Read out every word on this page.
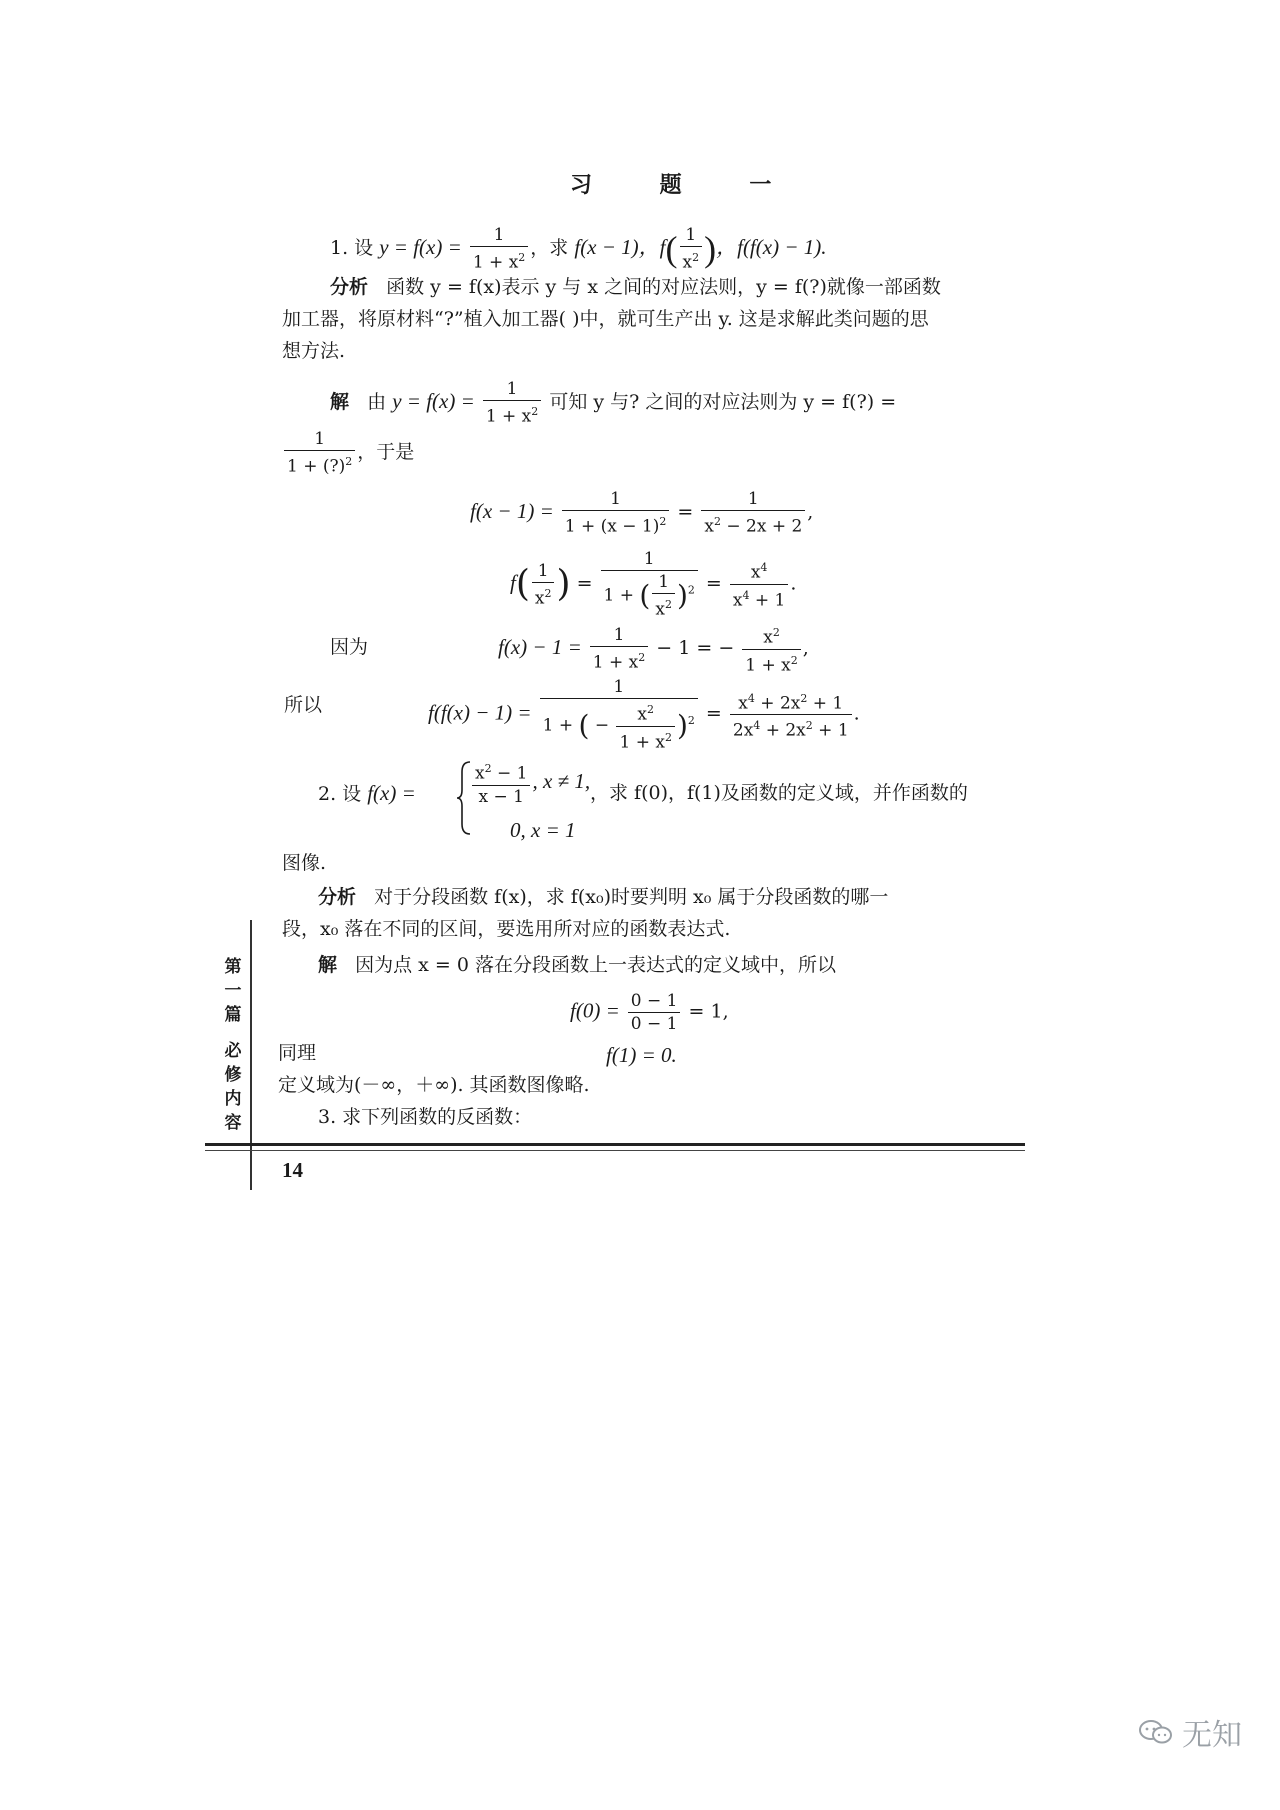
习 题 一
1. 设 $y = f(x) = \frac{1}{1 + x^2}$ ，求 f(x − 1)，$f( \frac{1}{x^2}$ )，f(f(x) − 1).
分析 函数 y = f(x)表示 y 与 x 之间的对应法则，y = f(?)就像一部函数
加工器，将原材料“?”植入加工器( )中，就可生产出 y. 这是求解此类问题的思
想方法.
解 由 $y = f(x) = \frac{1}{1 + x^2}$ 可知 y 与? 之间的对应法则为 y = f(?) =
$\frac{1}{1 + (?)^2}$ ，于是
$f(x - 1) = \frac{1}{1 + (x - 1)^2} = \frac{1}{x^2 - 2x + 2}$ ,
$f( \frac{1}{x^2}$ ) = $\frac{1}{1 + ( \frac{1}{x^2} )^2} = \frac{x^4}{x^4 + 1}$ .
因为	$f(x) - 1 = \frac{1}{1 + x^2} - 1$ = − $\frac{x^2}{1 + x^2}$ ,
所以	$f(f(x) - 1) = \frac{1}{1 + ( - \frac{x^2}{1 + x^2} )^2} = \frac{x^4 + 2x^2 + 1}{2x^4 + 2x^2 + 1}$ .
2. 设 f(x) =	$\frac{x^2 - 1}{x - 1}$ , x ≠ 1,
0, x = 1
，求 f(0)，f(1)及函数的定义域，并作函数的
图像.
分析 对于分段函数 f(x)，求 f(x₀)时要判明 x₀ 属于分段函数的哪一
段，x₀ 落在不同的区间，要选用所对应的函数表达式.
解 因为点 x = 0 落在分段函数上一表达式的定义域中，所以
$f(0) = \frac{0 - 1}{0 - 1} = 1$,
同理	f(1) = 0.
定义域为(－∞，＋∞). 其函数图像略.
3. 求下列函数的反函数：
第
一
篇
必
修
内
容
14
无知
